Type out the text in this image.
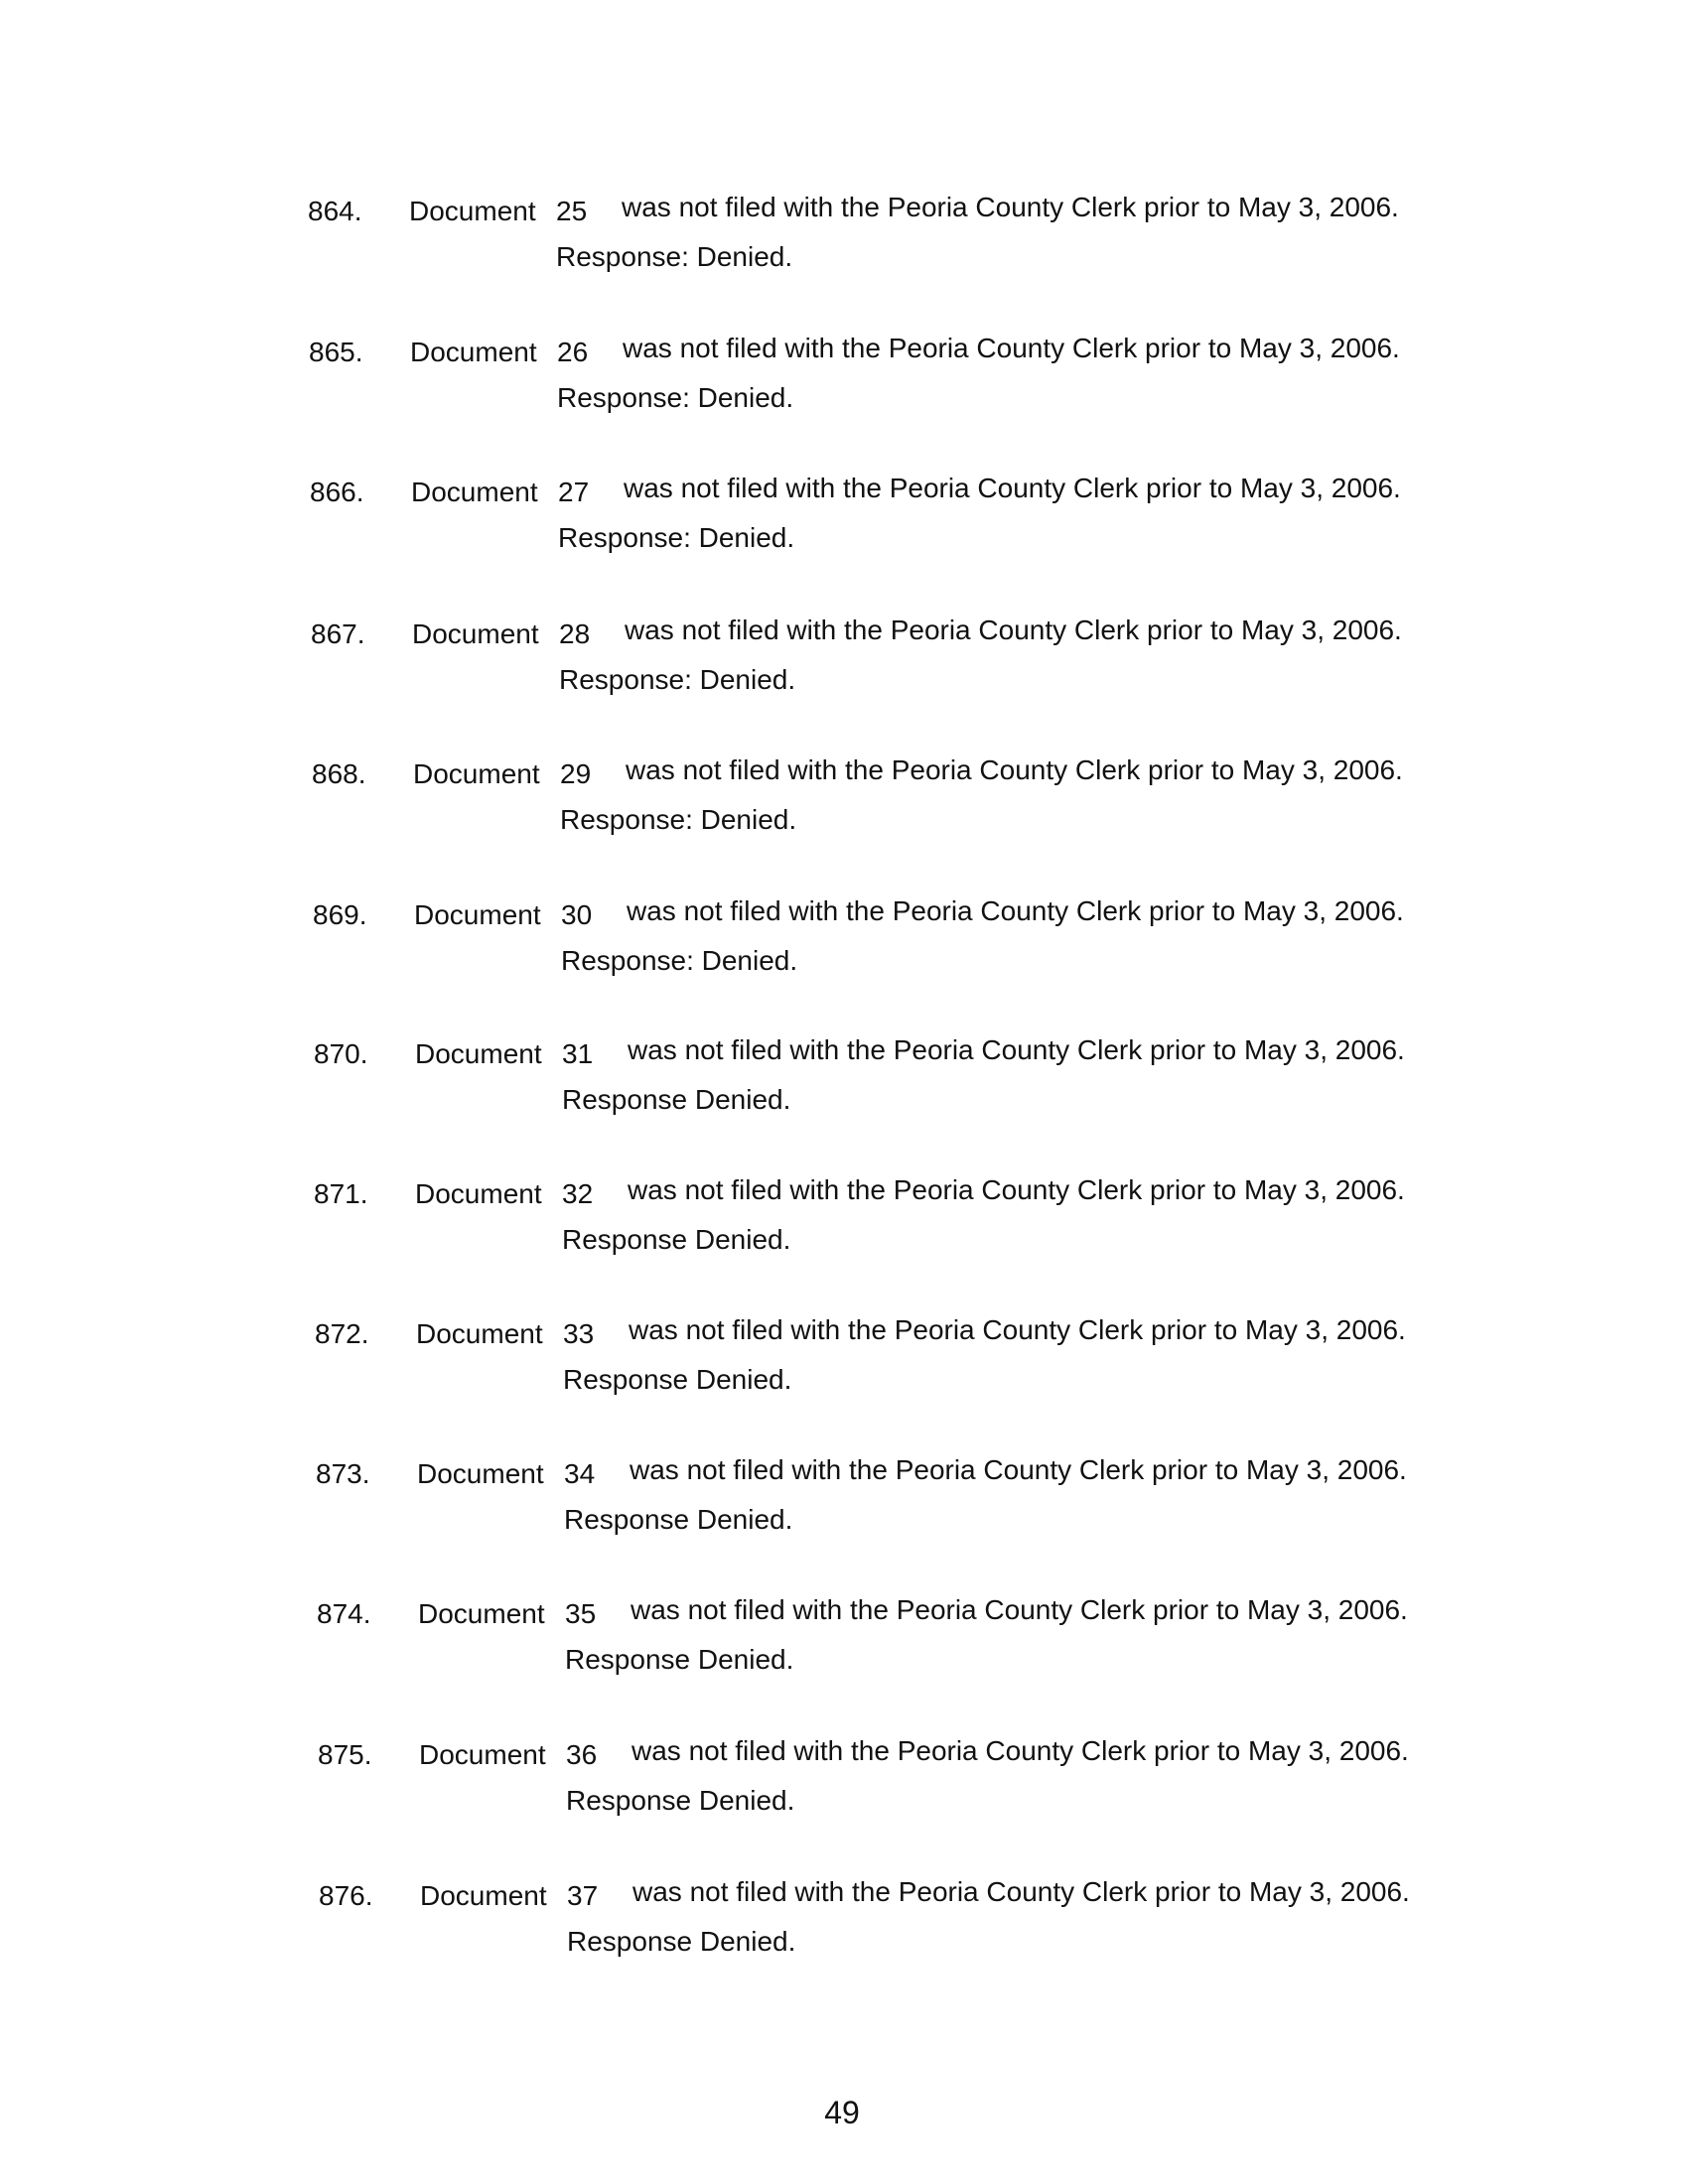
864. Document 25 was not filed with the Peoria County Clerk prior to May 3, 2006.
Response: Denied.
865. Document 26 was not filed with the Peoria County Clerk prior to May 3, 2006.
Response: Denied.
866. Document 27 was not filed with the Peoria County Clerk prior to May 3, 2006.
Response: Denied.
867. Document 28 was not filed with the Peoria County Clerk prior to May 3, 2006.
Response: Denied.
868. Document 29 was not filed with the Peoria County Clerk prior to May 3, 2006.
Response: Denied.
869. Document 30 was not filed with the Peoria County Clerk prior to May 3, 2006.
Response: Denied.
870. Document 31 was not filed with the Peoria County Clerk prior to May 3, 2006.
Response Denied.
871. Document 32 was not filed with the Peoria County Clerk prior to May 3, 2006.
Response Denied.
872. Document 33 was not filed with the Peoria County Clerk prior to May 3, 2006.
Response Denied.
873. Document 34 was not filed with the Peoria County Clerk prior to May 3, 2006.
Response Denied.
874. Document 35 was not filed with the Peoria County Clerk prior to May 3, 2006.
Response Denied.
875. Document 36 was not filed with the Peoria County Clerk prior to May 3, 2006.
Response Denied.
876. Document 37 was not filed with the Peoria County Clerk prior to May 3, 2006.
Response Denied.
49
